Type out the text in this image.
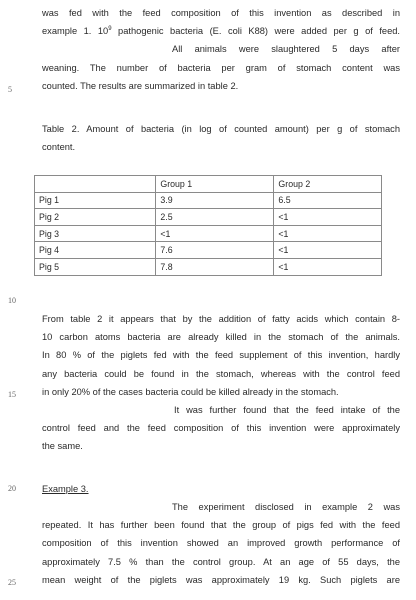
5
10
15
20
25
was fed with the feed composition of this invention as described in
example 1. $10^9$ pathogenic bacteria (E. coli K88) were added per g of feed.
All animals were slaughtered 5 days after
weaning. The number of bacteria per gram of stomach content was
counted. The results are summarized in table 2.
Table 2. Amount of bacteria (in log of counted amount) per g of stomach
content.
	Group 1	Group 2
Pig 1	3.9	6.5
Pig 2	2.5	<1
Pig 3	<1	<1
Pig 4	7.6	<1
Pig 5	7.8	<1
From table 2 it appears that by the addition of fatty acids which contain 8-
10 carbon atoms bacteria are already killed in the stomach of the animals.
In 80 % of the piglets fed with the feed supplement of this invention, hardly
any bacteria could be found in the stomach, whereas with the control feed
in only 20% of the cases bacteria could be killed already in the stomach.
It was further found that the feed intake of the
control feed and the feed composition of this invention were approximately
the same.
Example 3.
The experiment disclosed in example 2 was
repeated. It has further been found that the group of pigs fed with the feed
composition of this invention showed an improved growth performance of
approximately 7.5 % than the control group. At an age of 55 days, the
mean weight of the piglets was approximately 19 kg. Such piglets are
